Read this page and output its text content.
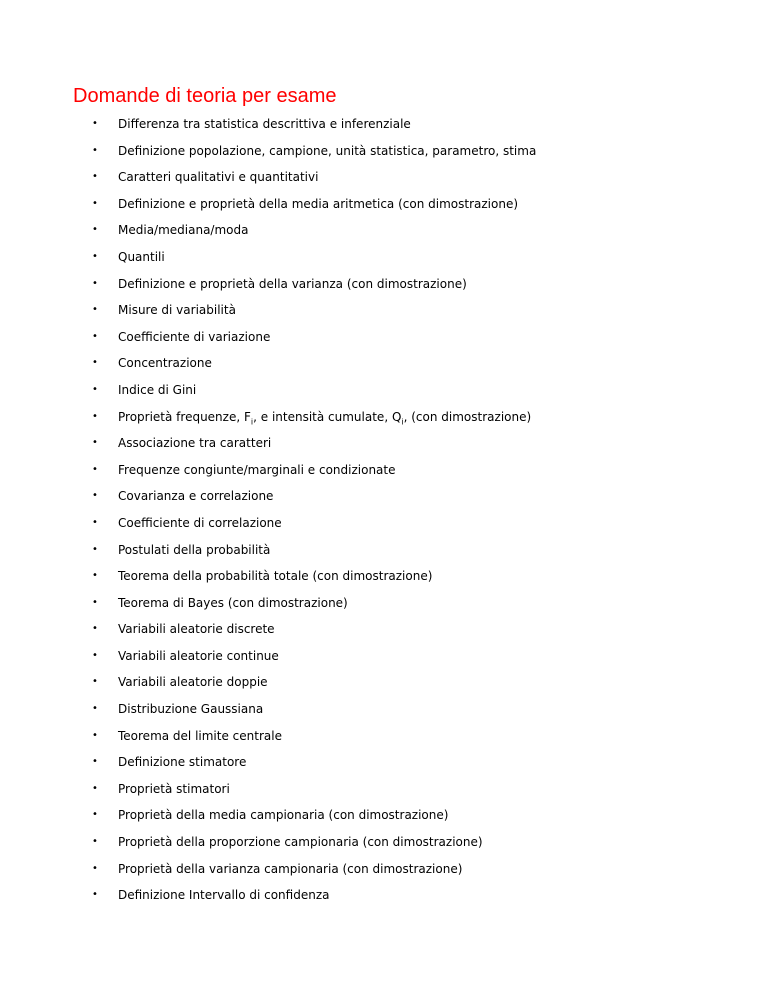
Domande di teoria per esame
• Differenza tra statistica descrittiva e inferenziale
• Definizione popolazione, campione, unità statistica, parametro, stima
• Caratteri qualitativi e quantitativi
• Definizione e proprietà della media aritmetica (con dimostrazione)
• Media/mediana/moda
• Quantili
• Definizione e proprietà della varianza (con dimostrazione)
• Misure di variabilità
• Coefficiente di variazione
• Concentrazione
• Indice di Gini
• Proprietà frequenze, $F_i$, e intensità cumulate, $Q_i$, (con dimostrazione)
• Associazione tra caratteri
• Frequenze congiunte/marginali e condizionate
• Covarianza e correlazione
• Coefficiente di correlazione
• Postulati della probabilità
• Teorema della probabilità totale (con dimostrazione)
• Teorema di Bayes (con dimostrazione)
• Variabili aleatorie discrete
• Variabili aleatorie continue
• Variabili aleatorie doppie
• Distribuzione Gaussiana
• Teorema del limite centrale
• Definizione stimatore
• Proprietà stimatori
• Proprietà della media campionaria (con dimostrazione)
• Proprietà della proporzione campionaria (con dimostrazione)
• Proprietà della varianza campionaria (con dimostrazione)
• Definizione Intervallo di confidenza
